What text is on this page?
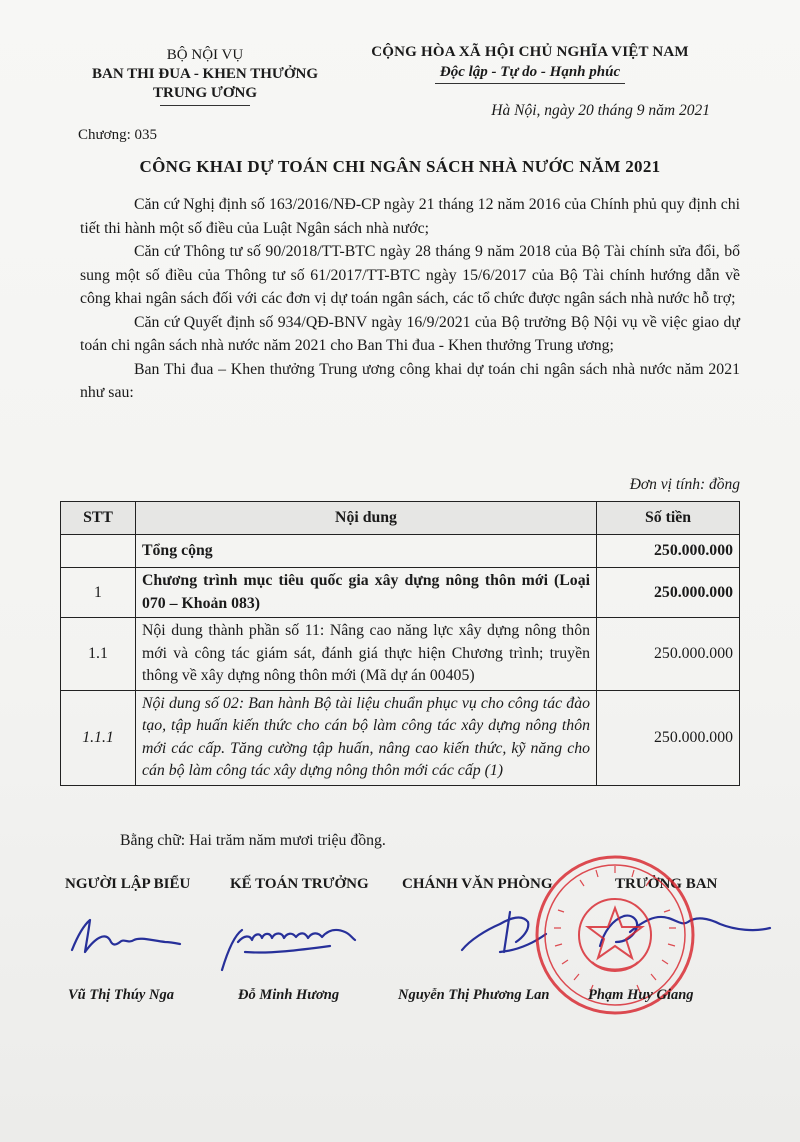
BỘ NỘI VỤ
BAN THI ĐUA - KHEN THƯỞNG
TRUNG ƯƠNG
CỘNG HÒA XÃ HỘI CHỦ NGHĨA VIỆT NAM
Độc lập - Tự do - Hạnh phúc
Hà Nội, ngày 20 tháng 9 năm 2021
Chương: 035
CÔNG KHAI DỰ TOÁN CHI NGÂN SÁCH NHÀ NƯỚC NĂM 2021

Căn cứ Nghị định số 163/2016/NĐ-CP ngày 21 tháng 12 năm 2016 của Chính phủ quy định chi tiết thi hành một số điều của Luật Ngân sách nhà nước;

Căn cứ Thông tư số 90/2018/TT-BTC ngày 28 tháng 9 năm 2018 của Bộ Tài chính sửa đổi, bổ sung một số điều của Thông tư số 61/2017/TT-BTC ngày 15/6/2017 của Bộ Tài chính hướng dẫn về công khai ngân sách đối với các đơn vị dự toán ngân sách, các tổ chức được ngân sách nhà nước hỗ trợ;

Căn cứ Quyết định số 934/QĐ-BNV ngày 16/9/2021 của Bộ trưởng Bộ Nội vụ về việc giao dự toán chi ngân sách nhà nước năm 2021 cho Ban Thi đua - Khen thưởng Trung ương;

Ban Thi đua – Khen thưởng Trung ương công khai dự toán chi ngân sách nhà nước năm 2021 như sau:

Đơn vị tính: đồng
STT	Nội dung	Số tiền
	Tổng cộng	250.000.000
1	Chương trình mục tiêu quốc gia xây dựng nông thôn mới (Loại 070 – Khoản 083)	250.000.000
1.1	Nội dung thành phần số 11: Nâng cao năng lực xây dựng nông thôn mới và công tác giám sát, đánh giá thực hiện Chương trình; truyền thông về xây dựng nông thôn mới (Mã dự án 00405)	250.000.000
1.1.1	Nội dung số 02: Ban hành Bộ tài liệu chuẩn phục vụ cho công tác đào tạo, tập huấn kiến thức cho cán bộ làm công tác xây dựng nông thôn mới các cấp. Tăng cường tập huấn, nâng cao kiến thức, kỹ năng cho cán bộ làm công tác xây dựng nông thôn mới các cấp (1)	250.000.000
Bằng chữ: Hai trăm năm mươi triệu đồng.
NGƯỜI LẬP BIỂU	KẾ TOÁN TRƯỞNG CHÁNH VĂN PHÒNG	TRƯỞNG BAN
Vũ Thị Thúy Nga	Đỗ Minh Hương	Nguyễn Thị Phương Lan	Phạm Huy Giang
